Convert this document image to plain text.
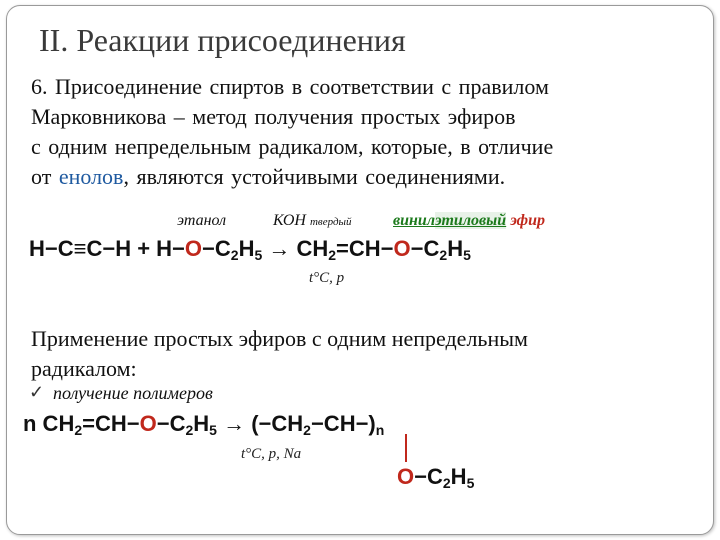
II. Реакции присоединения
6. Присоединение спиртов в соответствии с правилом
Марковникова – метод получения простых эфиров
с одним непредельным радикалом, которые, в отличие
от енолов, являются устойчивыми соединениями.
этанол	КОН твердый	винилэтиловый эфир
$H-C\equiv C-H + H-O-C_2H_5 \to CH_2=CH-O-C_2H_5$
t°C, p
Применение простых эфиров с одним непредельным
радикалом:
✓ получение полимеров
n $CH_2=CH-O-C_2H_5 \to (-CH_2-CH-)_n$
t°C, p, Na
$O-C_2H_5$
